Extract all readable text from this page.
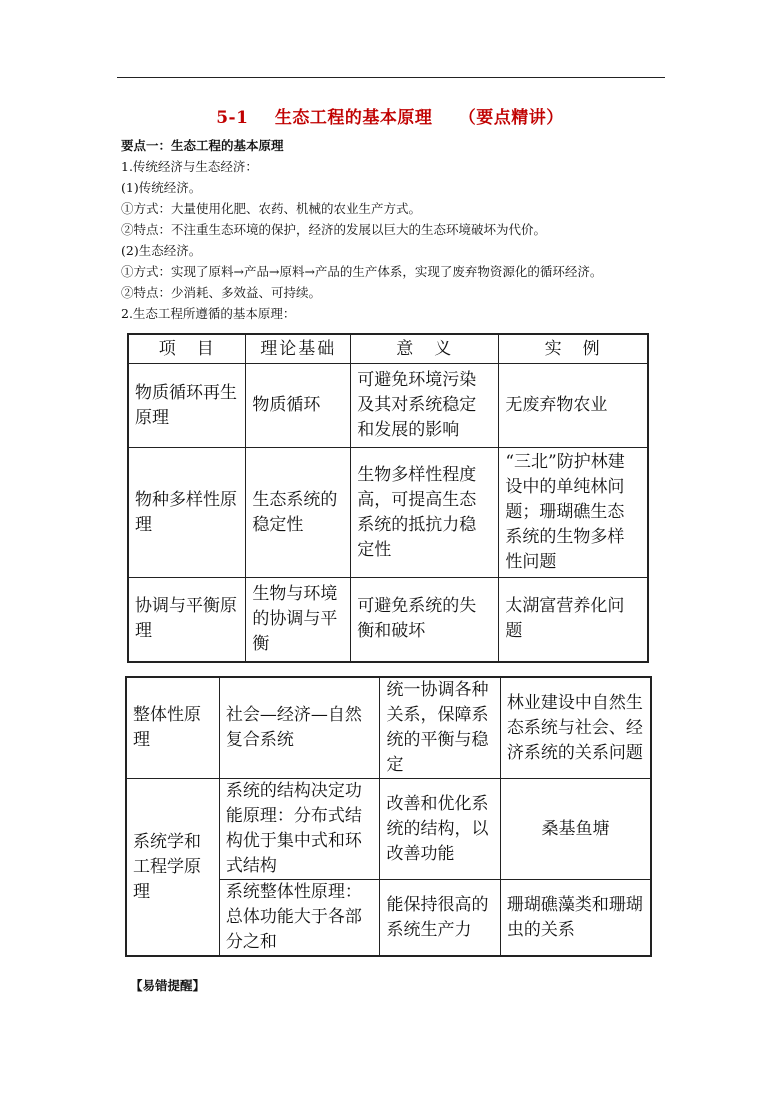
5-1 生态工程的基本原理 （要点精讲）
要点一：生态工程的基本原理
1.传统经济与生态经济：
(1)传统经济。
①方式：大量使用化肥、农药、机械的农业生产方式。
②特点：不注重生态环境的保护，经济的发展以巨大的生态环境破坏为代价。
(2)生态经济。
①方式：实现了原料→产品→原料→产品的生产体系，实现了废弃物资源化的循环经济。
②特点：少消耗、多效益、可持续。
2.生态工程所遵循的基本原理：
项　目	理论基础	意　义	实　例
物质循环再生原理	物质循环	可避免环境污染及其对系统稳定和发展的影响	无废弃物农业
物种多样性原理	生态系统的稳定性	生物多样性程度高，可提高生态系统的抵抗力稳定性	“三北”防护林建设中的单纯林问题；珊瑚礁生态系统的生物多样性问题
协调与平衡原理	生物与环境的协调与平衡	可避免系统的失衡和破坏	太湖富营养化问题
整体性原理	社会—经济—自然复合系统	统一协调各种关系，保障系统的平衡与稳定	林业建设中自然生态系统与社会、经济系统的关系问题
系统学和工程学原理	系统的结构决定功能原理：分布式结构优于集中式和环式结构	改善和优化系统的结构，以改善功能	桑基鱼塘
	系统整体性原理：总体功能大于各部分之和	能保持很高的系统生产力	珊瑚礁藻类和珊瑚虫的关系
【易错提醒】
